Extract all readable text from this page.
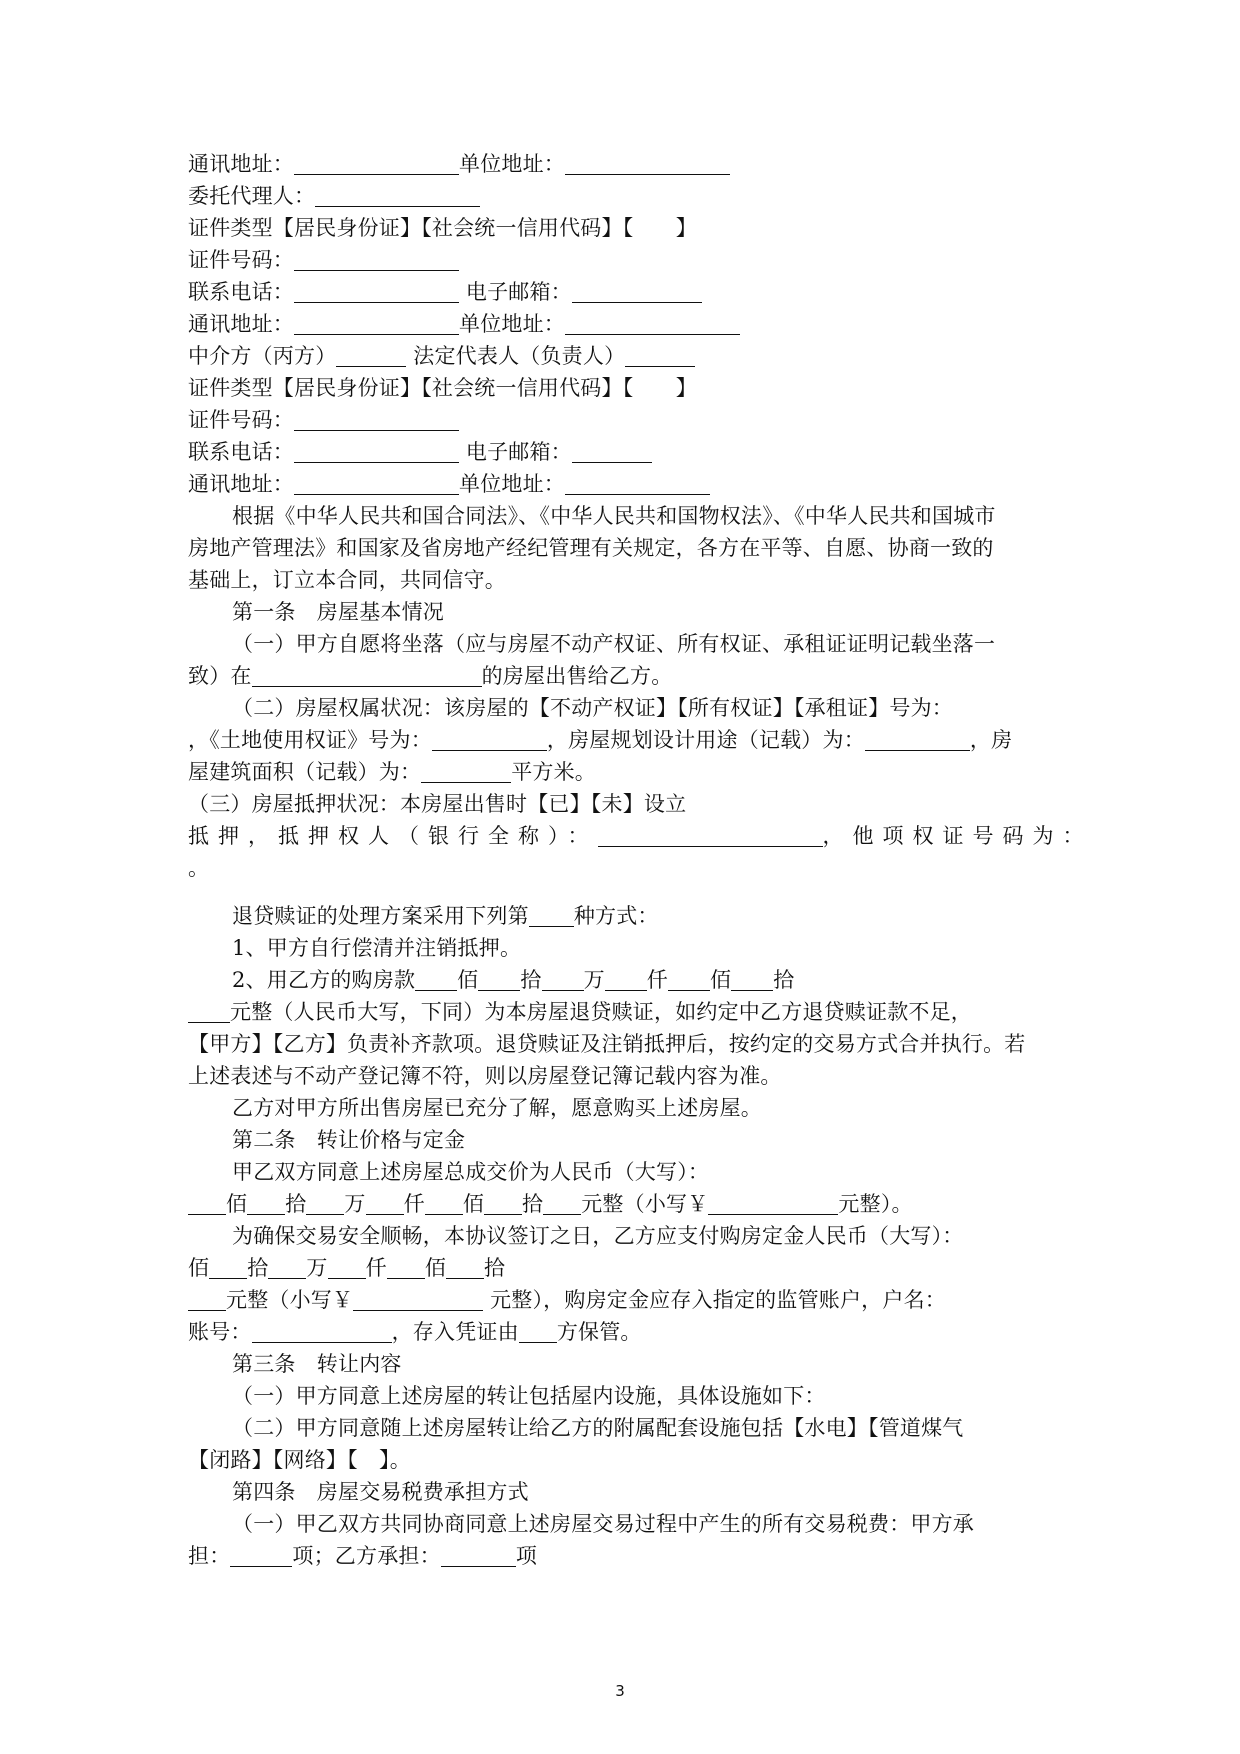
通讯地址：	单位地址：
委托代理人：
证件类型【居民身份证】【社会统一信用代码】【　　】
证件号码：
联系电话：	电子邮箱：
通讯地址：	单位地址：
中介方（丙方）	法定代表人（负责人）
证件类型【居民身份证】【社会统一信用代码】【　　】
证件号码：
联系电话：	电子邮箱：
通讯地址：	单位地址：
根据《中华人民共和国合同法》、《中华人民共和国物权法》、《中华人民共和国城市
房地产管理法》和国家及省房地产经纪管理有关规定，各方在平等、自愿、协商一致的
基础上，订立本合同，共同信守。
第一条　房屋基本情况
（一）甲方自愿将坐落（应与房屋不动产权证、所有权证、承租证证明记载坐落一
致）在	的房屋出售给乙方。
（二）房屋权属状况：该房屋的【不动产权证】【所有权证】【承租证】号为：
，《土地使用权证》号为：	，房屋规划设计用途（记载）为：	，房
屋建筑面积（记载）为：	平方米。
（三）房屋抵押状况：本房屋出售时【已】【未】设立
抵押，抵押权人（银行全称）：	，他项权证号码为：
。
退贷赎证的处理方案采用下列第 种方式：
1、甲方自行偿清并注销抵押。
2、用乙方的购房款 佰 拾 万 仟 佰 拾
元整（人民币大写，下同）为本房屋退贷赎证，如约定中乙方退贷赎证款不足，
【甲方】【乙方】负责补齐款项。退贷赎证及注销抵押后，按约定的交易方式合并执行。若
上述表述与不动产登记簿不符，则以房屋登记簿记载内容为准。
乙方对甲方所出售房屋已充分了解，愿意购买上述房屋。
第二条　转让价格与定金
甲乙双方同意上述房屋总成交价为人民币（大写）：
佰 拾 万 仟 佰 拾 元整（小写￥	元整）。
为确保交易安全顺畅，本协议签订之日，乙方应支付购房定金人民币（大写）：
佰 拾 万 仟 佰 拾
元整（小写￥	元整），购房定金应存入指定的监管账户，户名：
账号：	，存入凭证由 方保管。
第三条　转让内容
（一）甲方同意上述房屋的转让包括屋内设施，具体设施如下：
（二）甲方同意随上述房屋转让给乙方的附属配套设施包括【水电】【管道煤气
【闭路】【网络】【　】。
第四条　房屋交易税费承担方式
（一）甲乙双方共同协商同意上述房屋交易过程中产生的所有交易税费：甲方承
担：	项；乙方承担：	项
3
